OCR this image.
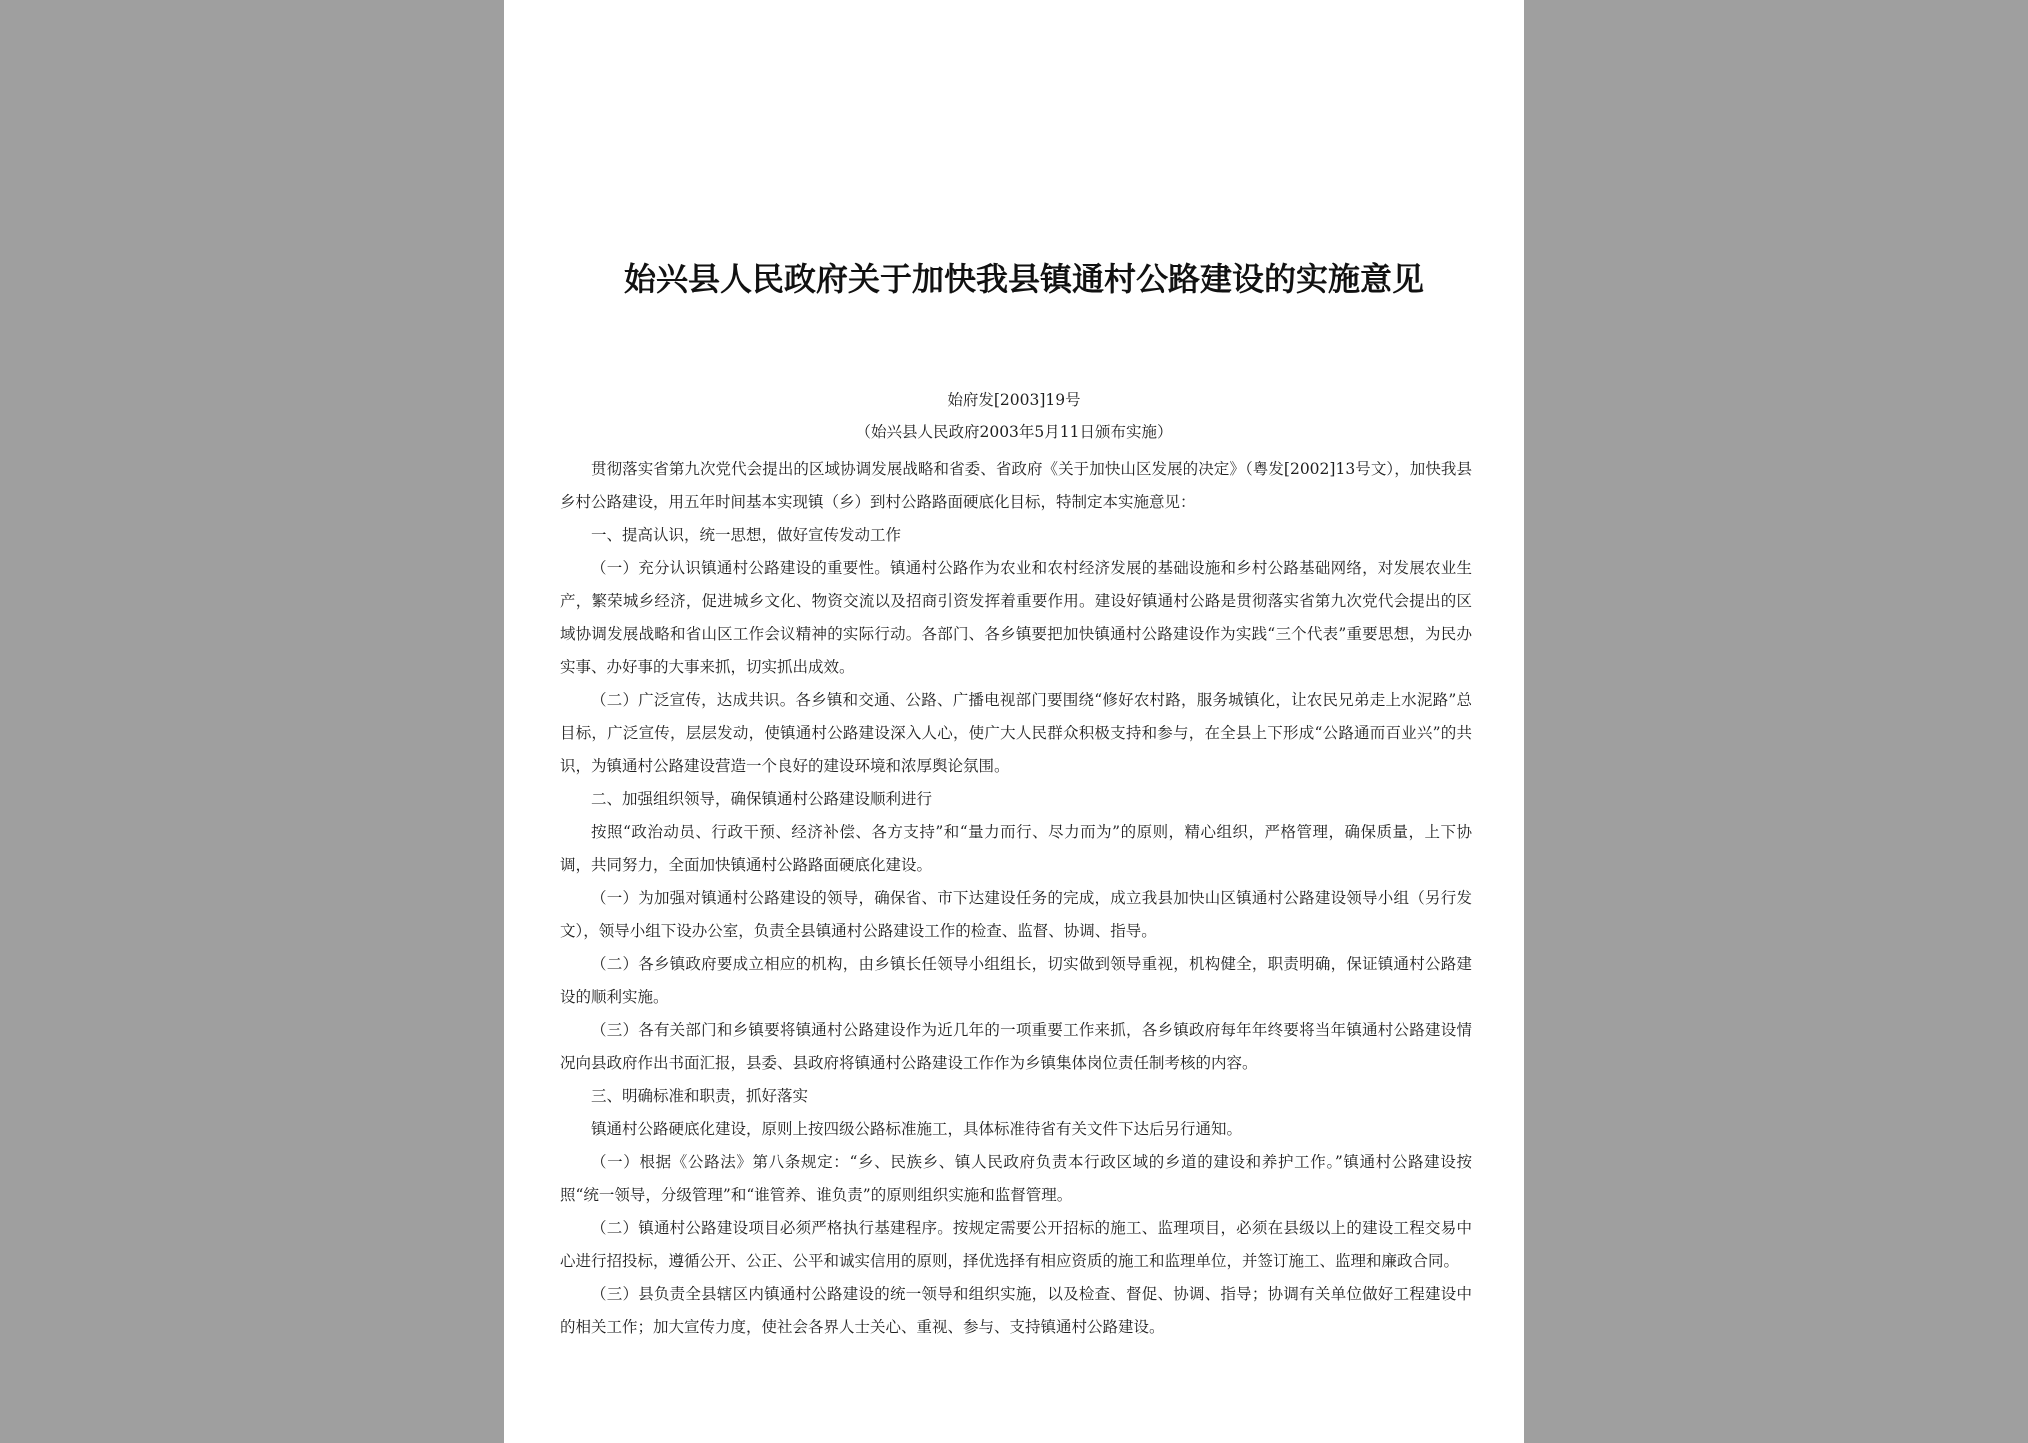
始兴县人民政府关于加快我县镇通村公路建设的实施意见
始府发[2003]19号
（始兴县人民政府2003年5月11日颁布实施）

贯彻落实省第九次党代会提出的区域协调发展战略和省委、省政府《关于加快山区发展的决定》（粤发[2002]13号文），加快我县乡村公路建设，用五年时间基本实现镇（乡）到村公路路面硬底化目标，特制定本实施意见：

一、提高认识，统一思想，做好宣传发动工作

（一）充分认识镇通村公路建设的重要性。镇通村公路作为农业和农村经济发展的基础设施和乡村公路基础网络，对发展农业生产，繁荣城乡经济，促进城乡文化、物资交流以及招商引资发挥着重要作用。建设好镇通村公路是贯彻落实省第九次党代会提出的区域协调发展战略和省山区工作会议精神的实际行动。各部门、各乡镇要把加快镇通村公路建设作为实践“三个代表”重要思想，为民办实事、办好事的大事来抓，切实抓出成效。

（二）广泛宣传，达成共识。各乡镇和交通、公路、广播电视部门要围绕“修好农村路，服务城镇化，让农民兄弟走上水泥路”总目标，广泛宣传，层层发动，使镇通村公路建设深入人心，使广大人民群众积极支持和参与，在全县上下形成“公路通而百业兴”的共识，为镇通村公路建设营造一个良好的建设环境和浓厚舆论氛围。

二、加强组织领导，确保镇通村公路建设顺利进行

按照“政治动员、行政干预、经济补偿、各方支持”和“量力而行、尽力而为”的原则，精心组织，严格管理，确保质量，上下协调，共同努力，全面加快镇通村公路路面硬底化建设。

（一）为加强对镇通村公路建设的领导，确保省、市下达建设任务的完成，成立我县加快山区镇通村公路建设领导小组（另行发文），领导小组下设办公室，负责全县镇通村公路建设工作的检查、监督、协调、指导。

（二）各乡镇政府要成立相应的机构，由乡镇长任领导小组组长，切实做到领导重视，机构健全，职责明确，保证镇通村公路建设的顺利实施。

（三）各有关部门和乡镇要将镇通村公路建设作为近几年的一项重要工作来抓，各乡镇政府每年年终要将当年镇通村公路建设情况向县政府作出书面汇报，县委、县政府将镇通村公路建设工作作为乡镇集体岗位责任制考核的内容。

三、明确标准和职责，抓好落实

镇通村公路硬底化建设，原则上按四级公路标准施工，具体标准待省有关文件下达后另行通知。

（一）根据《公路法》第八条规定：“乡、民族乡、镇人民政府负责本行政区域的乡道的建设和养护工作。”镇通村公路建设按照“统一领导，分级管理”和“谁管养、谁负责”的原则组织实施和监督管理。

（二）镇通村公路建设项目必须严格执行基建程序。按规定需要公开招标的施工、监理项目，必须在县级以上的建设工程交易中心进行招投标，遵循公开、公正、公平和诚实信用的原则，择优选择有相应资质的施工和监理单位，并签订施工、监理和廉政合同。

（三）县负责全县辖区内镇通村公路建设的统一领导和组织实施，以及检查、督促、协调、指导；协调有关单位做好工程建设中的相关工作；加大宣传力度，使社会各界人士关心、重视、参与、支持镇通村公路建设。
